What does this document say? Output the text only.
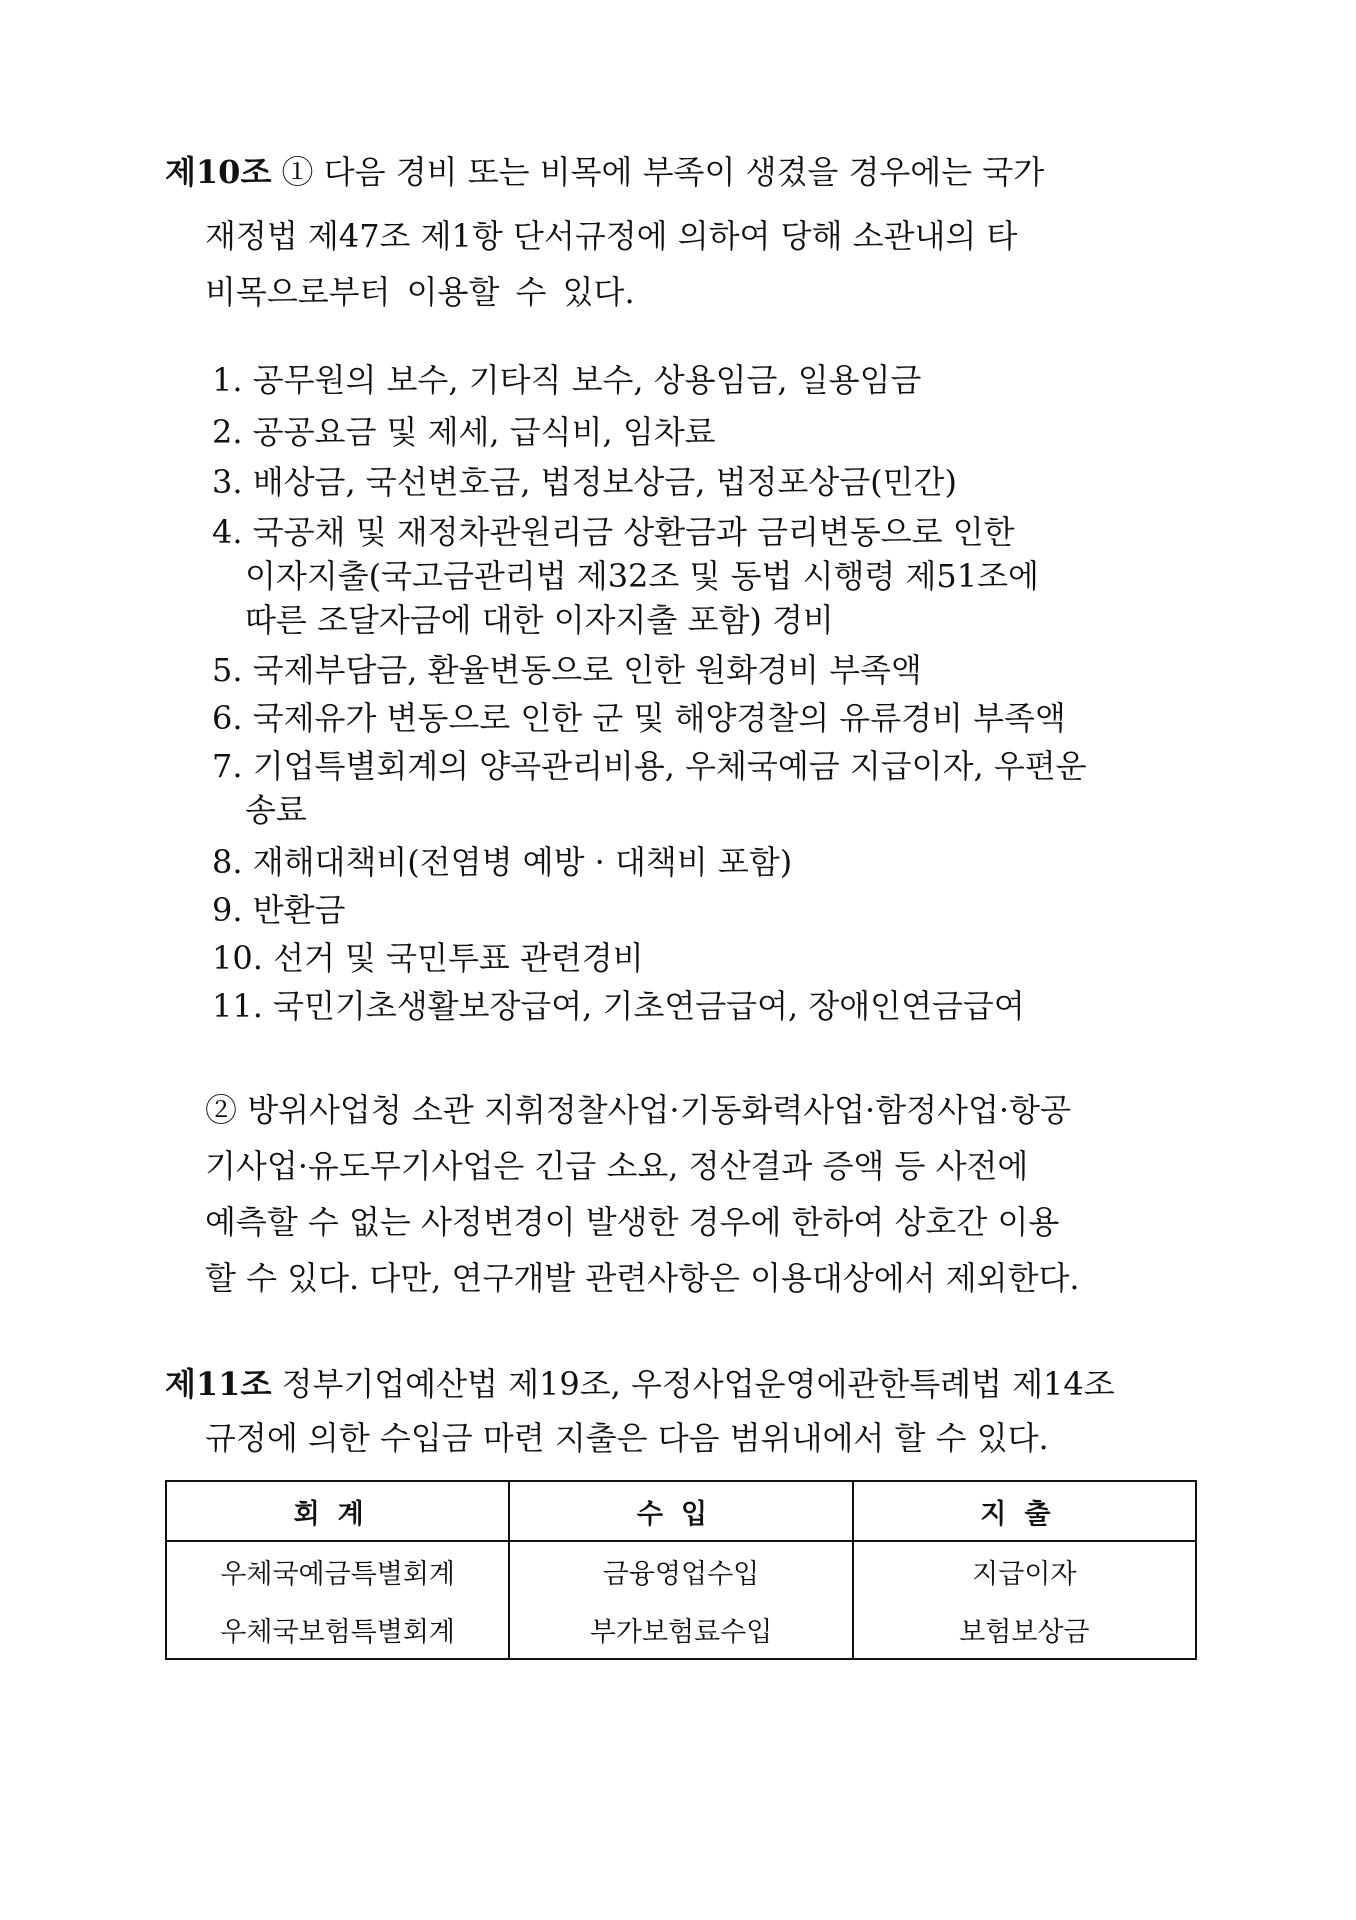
제10조 ① 다음 경비 또는 비목에 부족이 생겼을 경우에는 국가
재정법 제47조 제1항 단서규정에 의하여 당해 소관내의 타
비목으로부터 이용할 수 있다.
1. 공무원의 보수, 기타직 보수, 상용임금, 일용임금
2. 공공요금 및 제세, 급식비, 임차료
3. 배상금, 국선변호금, 법정보상금, 법정포상금(민간)
4. 국공채 및 재정차관원리금 상환금과 금리변동으로 인한
이자지출(국고금관리법 제32조 및 동법 시행령 제51조에
따른 조달자금에 대한 이자지출 포함) 경비
5. 국제부담금, 환율변동으로 인한 원화경비 부족액
6. 국제유가 변동으로 인한 군 및 해양경찰의 유류경비 부족액
7. 기업특별회계의 양곡관리비용, 우체국예금 지급이자, 우편운
송료
8. 재해대책비(전염병 예방 · 대책비 포함)
9. 반환금
10. 선거 및 국민투표 관련경비
11. 국민기초생활보장급여, 기초연금급여, 장애인연금급여
② 방위사업청 소관 지휘정찰사업·기동화력사업·함정사업·항공
기사업·유도무기사업은 긴급 소요, 정산결과 증액 등 사전에
예측할 수 없는 사정변경이 발생한 경우에 한하여 상호간 이용
할 수 있다. 다만, 연구개발 관련사항은 이용대상에서 제외한다.
제11조 정부기업예산법 제19조, 우정사업운영에관한특례법 제14조
규정에 의한 수입금 마련 지출은 다음 범위내에서 할 수 있다.
회계	수입	지출
우체국예금특별회계	금융영업수입	지급이자
우체국보험특별회계	부가보험료수입	보험보상금
